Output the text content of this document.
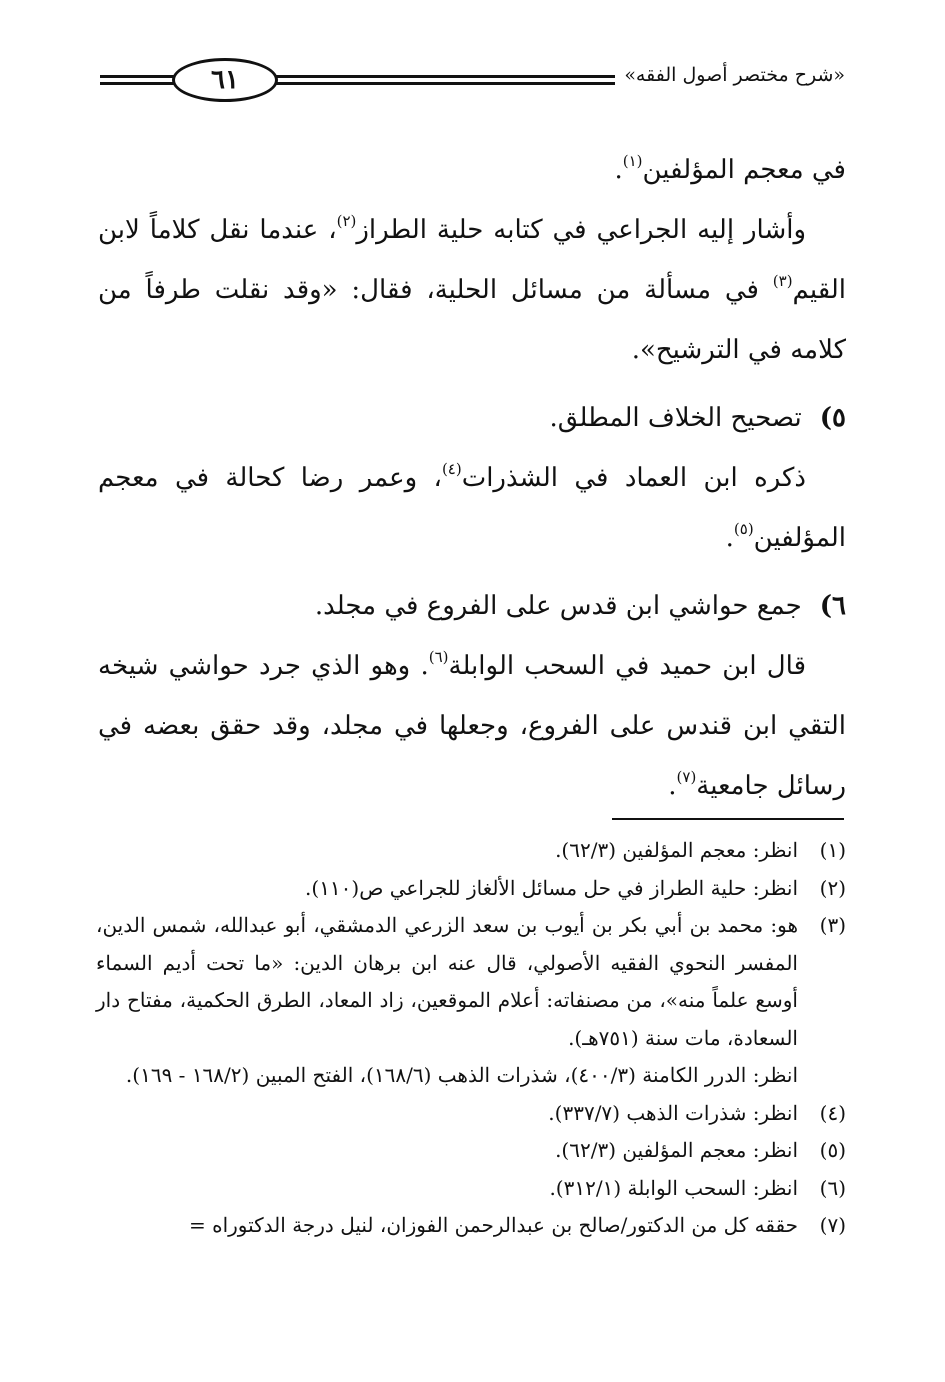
٦١	«شرح مختصر أصول الفقه»

في معجم المؤلفين$^{(١)}$.

وأشار إليه الجراعي في كتابه حلية الطراز$^{(٢)}$، عندما نقل كلاماً لابن القيم$^{(٣)}$ في مسألة من مسائل الحلية، فقال: «وقد نقلت طرفاً من كلامه في الترشيح».

٥)تصحيح الخلاف المطلق.

ذكره ابن العماد في الشذرات$^{(٤)}$، وعمر رضا كحالة في معجم المؤلفين$^{(٥)}$.

٦)جمع حواشي ابن قدس على الفروع في مجلد.

قال ابن حميد في السحب الوابلة$^{(٦)}$. وهو الذي جرد حواشي شيخه التقي ابن قندس على الفروع، وجعلها في مجلد، وقد حقق بعضه في رسائل جامعية$^{(٧)}$.

(١)
انظر: معجم المؤلفين (٦٢/٣).
(٢)
انظر: حلية الطراز في حل مسائل الألغاز للجراعي ص(١١٠).
(٣)

هو: محمد بن أبي بكر بن أيوب بن سعد الزرعي الدمشقي، أبو عبدالله، شمس الدين، المفسر النحوي الفقيه الأصولي، قال عنه ابن برهان الدين: «ما تحت أديم السماء أوسع علماً منه»، من مصنفاته: أعلام الموقعين، زاد المعاد، الطرق الحكمية، مفتاح دار السعادة، مات سنة (٧٥١هـ).

انظر: الدرر الكامنة (٤٠٠/٣)، شذرات الذهب (١٦٨/٦)، الفتح المبين (١٦٨/٢ - ١٦٩).

(٤)
انظر: شذرات الذهب (٣٣٧/٧).
(٥)
انظر: معجم المؤلفين (٦٢/٣).
(٦)
انظر: السحب الوابلة (٣١٢/١).
(٧)
حققه كل من الدكتور/صالح بن عبدالرحمن الفوزان، لنيل درجة الدكتوراه =
